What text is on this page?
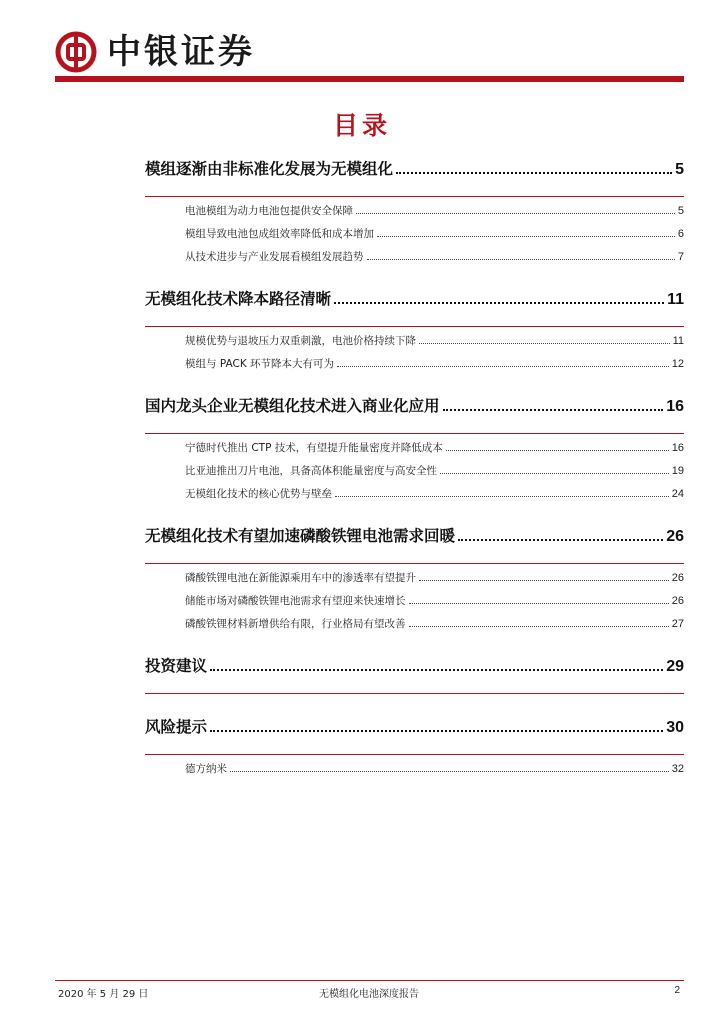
中银证券
目录
模组逐渐由非标准化发展为无模组化	5
电池模组为动力电池包提供安全保障	5
模组导致电池包成组效率降低和成本增加	6
从技术进步与产业发展看模组发展趋势	7
无模组化技术降本路径清晰	11
规模优势与退坡压力双重刺激，电池价格持续下降	11
模组与 PACK 环节降本大有可为	12
国内龙头企业无模组化技术进入商业化应用	16
宁德时代推出 CTP 技术，有望提升能量密度并降低成本	16
比亚迪推出刀片电池，具备高体积能量密度与高安全性	19
无模组化技术的核心优势与壁垒	24
无模组化技术有望加速磷酸铁锂电池需求回暖	26
磷酸铁锂电池在新能源乘用车中的渗透率有望提升	26
储能市场对磷酸铁锂电池需求有望迎来快速增长	26
磷酸铁锂材料新增供给有限，行业格局有望改善	27
投资建议	29
风险提示	30
德方纳米	32
2020 年 5 月 29 日	无模组化电池深度报告	2
